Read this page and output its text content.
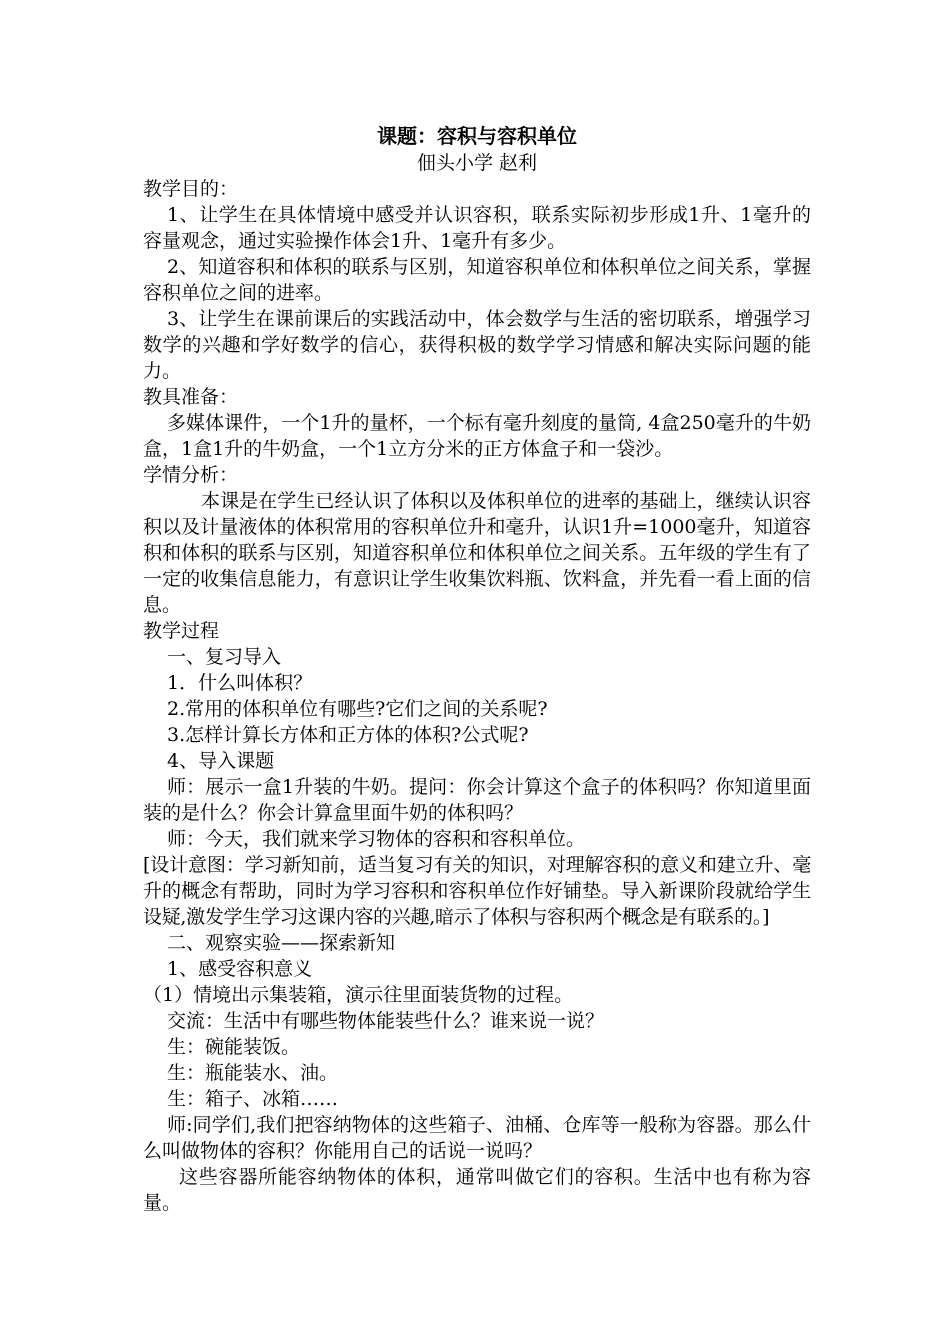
课题：容积与容积单位

佃头小学 赵利

教学目的：

1、让学生在具体情境中感受并认识容积，联系实际初步形成1升、1毫升的容量观念，通过实验操作体会1升、1毫升有多少。

2、知道容积和体积的联系与区别，知道容积单位和体积单位之间关系，掌握容积单位之间的进率。

3、让学生在课前课后的实践活动中，体会数学与生活的密切联系，增强学习数学的兴趣和学好数学的信心，获得积极的数学学习情感和解决实际问题的能力。

教具准备：

多媒体课件，一个1升的量杯，一个标有毫升刻度的量筒, 4盒250毫升的牛奶盒，1盒1升的牛奶盒，一个1立方分米的正方体盒子和一袋沙。

学情分析：

本课是在学生已经认识了体积以及体积单位的进率的基础上，继续认识容积以及计量液体的体积常用的容积单位升和毫升，认识1升=1000毫升，知道容积和体积的联系与区别，知道容积单位和体积单位之间关系。五年级的学生有了一定的收集信息能力，有意识让学生收集饮料瓶、饮料盒，并先看一看上面的信息。

教学过程

一、复习导入

1．什么叫体积？

2.常用的体积单位有哪些?它们之间的关系呢?

3.怎样计算长方体和正方体的体积?公式呢?

4、导入课题

师：展示一盒1升装的牛奶。提问：你会计算这个盒子的体积吗？你知道里面装的是什么？你会计算盒里面牛奶的体积吗？

师：今天，我们就来学习物体的容积和容积单位。

[设计意图：学习新知前，适当复习有关的知识，对理解容积的意义和建立升、毫升的概念有帮助，同时为学习容积和容积单位作好铺垫。导入新课阶段就给学生设疑,激发学生学习这课内容的兴趣,暗示了体积与容积两个概念是有联系的。]

二、观察实验——探索新知

1、感受容积意义

（1）情境出示集装箱，演示往里面装货物的过程。

交流：生活中有哪些物体能装些什么？谁来说一说？

生：碗能装饭。

生：瓶能装水、油。

生：箱子、冰箱……

师:同学们,我们把容纳物体的这些箱子、油桶、仓库等一般称为容器。那么什么叫做物体的容积？你能用自己的话说一说吗？

这些容器所能容纳物体的体积，通常叫做它们的容积。生活中也有称为容量。
